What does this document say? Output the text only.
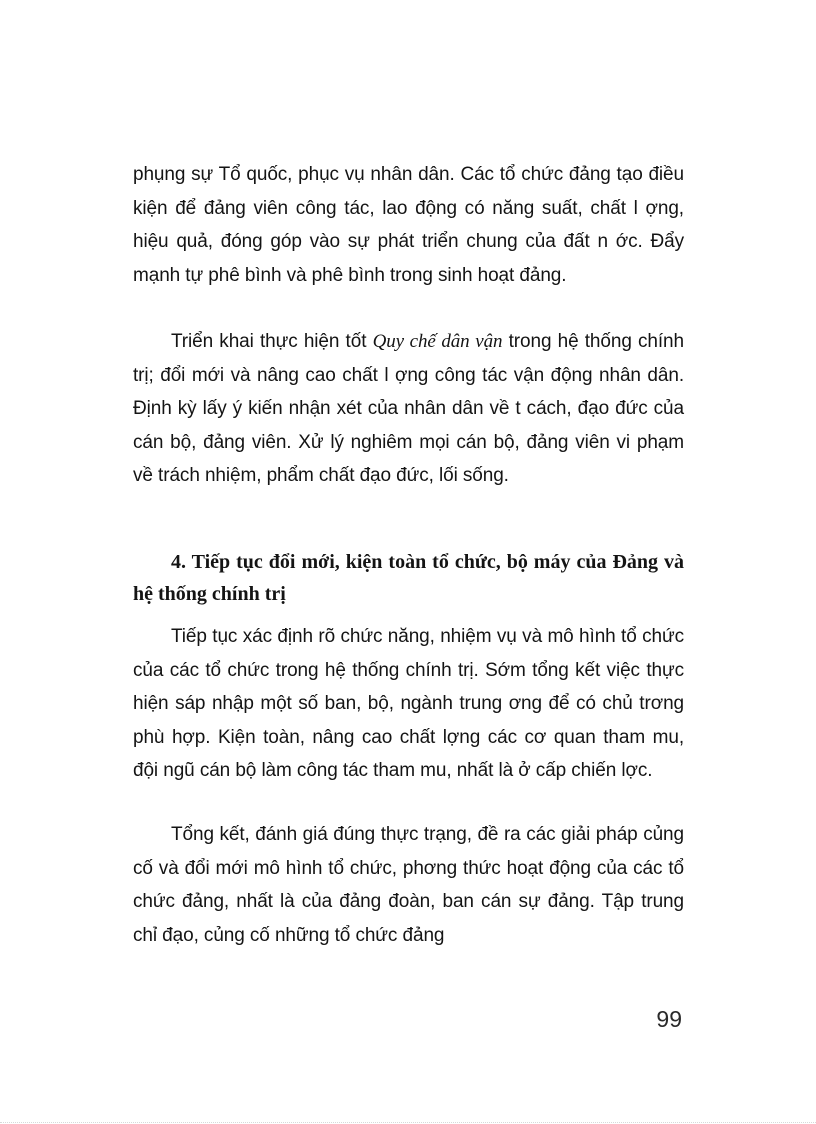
phụng sự Tổ quốc, phục vụ nhân dân. Các tổ chức đảng tạo điều kiện để đảng viên công tác, lao động có năng suất, chất l ợng, hiệu quả, đóng góp vào sự phát triển chung của đất n ớc. Đẩy mạnh tự phê bình và phê bình trong sinh hoạt đảng.

Triển khai thực hiện tốt Quy chế dân vận trong hệ thống chính trị; đổi mới và nâng cao chất l ợng công tác vận động nhân dân. Định kỳ lấy ý kiến nhận xét của nhân dân về t cách, đạo đức của cán bộ, đảng viên. Xử lý nghiêm mọi cán bộ, đảng viên vi phạm về trách nhiệm, phẩm chất đạo đức, lối sống.

4. Tiếp tục đổi mới, kiện toàn tổ chức, bộ máy của Đảng và hệ thống chính trị

Tiếp tục xác định rõ chức năng, nhiệm vụ và mô hình tổ chức của các tổ chức trong hệ thống chính trị. Sớm tổng kết việc thực hiện sáp nhập một số ban, bộ, ngành trung ơng để có chủ trơng phù hợp. Kiện toàn, nâng cao chất lợng các cơ quan tham mu, đội ngũ cán bộ làm công tác tham mu, nhất là ở cấp chiến lợc.

Tổng kết, đánh giá đúng thực trạng, đề ra các giải pháp củng cố và đổi mới mô hình tổ chức, phơng thức hoạt động của các tổ chức đảng, nhất là của đảng đoàn, ban cán sự đảng. Tập trung chỉ đạo, củng cố những tổ chức đảng

99
